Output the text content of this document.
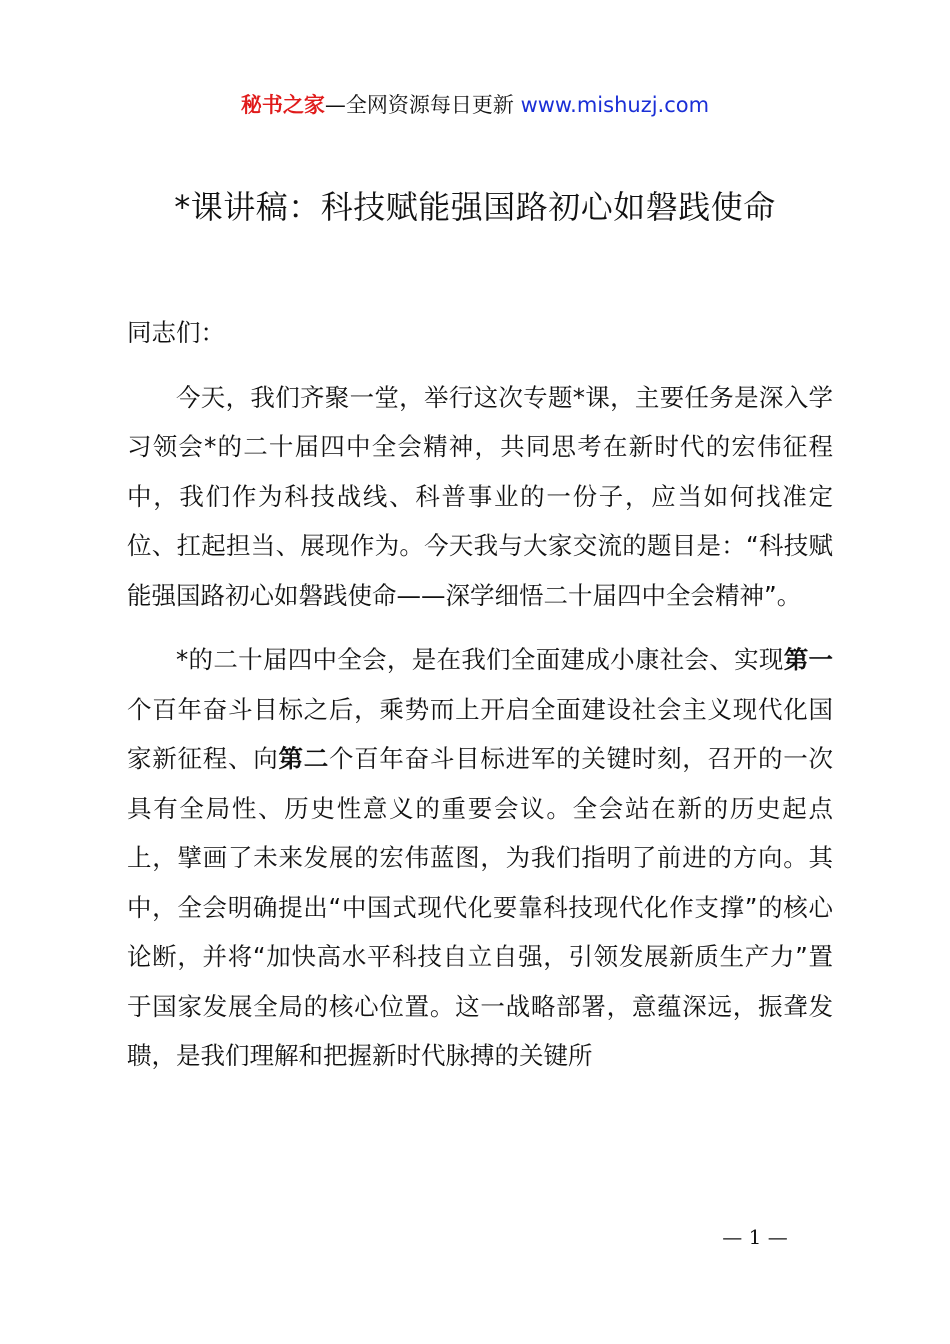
秘书之家—全网资源每日更新 www.mishuzj.com
*课讲稿：科技赋能强国路初心如磐践使命

同志们：

今天，我们齐聚一堂，举行这次专题*课，主要任务是深入学习领会*的二十届四中全会精神，共同思考在新时代的宏伟征程中，我们作为科技战线、科普事业的一份子，应当如何找准定位、扛起担当、展现作为。今天我与大家交流的题目是：“科技赋能强国路初心如磐践使命——深学细悟二十届四中全会精神”。

*的二十届四中全会，是在我们全面建成小康社会、实现第一个百年奋斗目标之后，乘势而上开启全面建设社会主义现代化国家新征程、向第二个百年奋斗目标进军的关键时刻，召开的一次具有全局性、历史性意义的重要会议。全会站在新的历史起点上，擘画了未来发展的宏伟蓝图，为我们指明了前进的方向。其中，全会明确提出“中国式现代化要靠科技现代化作支撑”的核心论断，并将“加快高水平科技自立自强，引领发展新质生产力”置于国家发展全局的核心位置。这一战略部署，意蕴深远，振聋发聩，是我们理解和把握新时代脉搏的关键所

— 1 —
